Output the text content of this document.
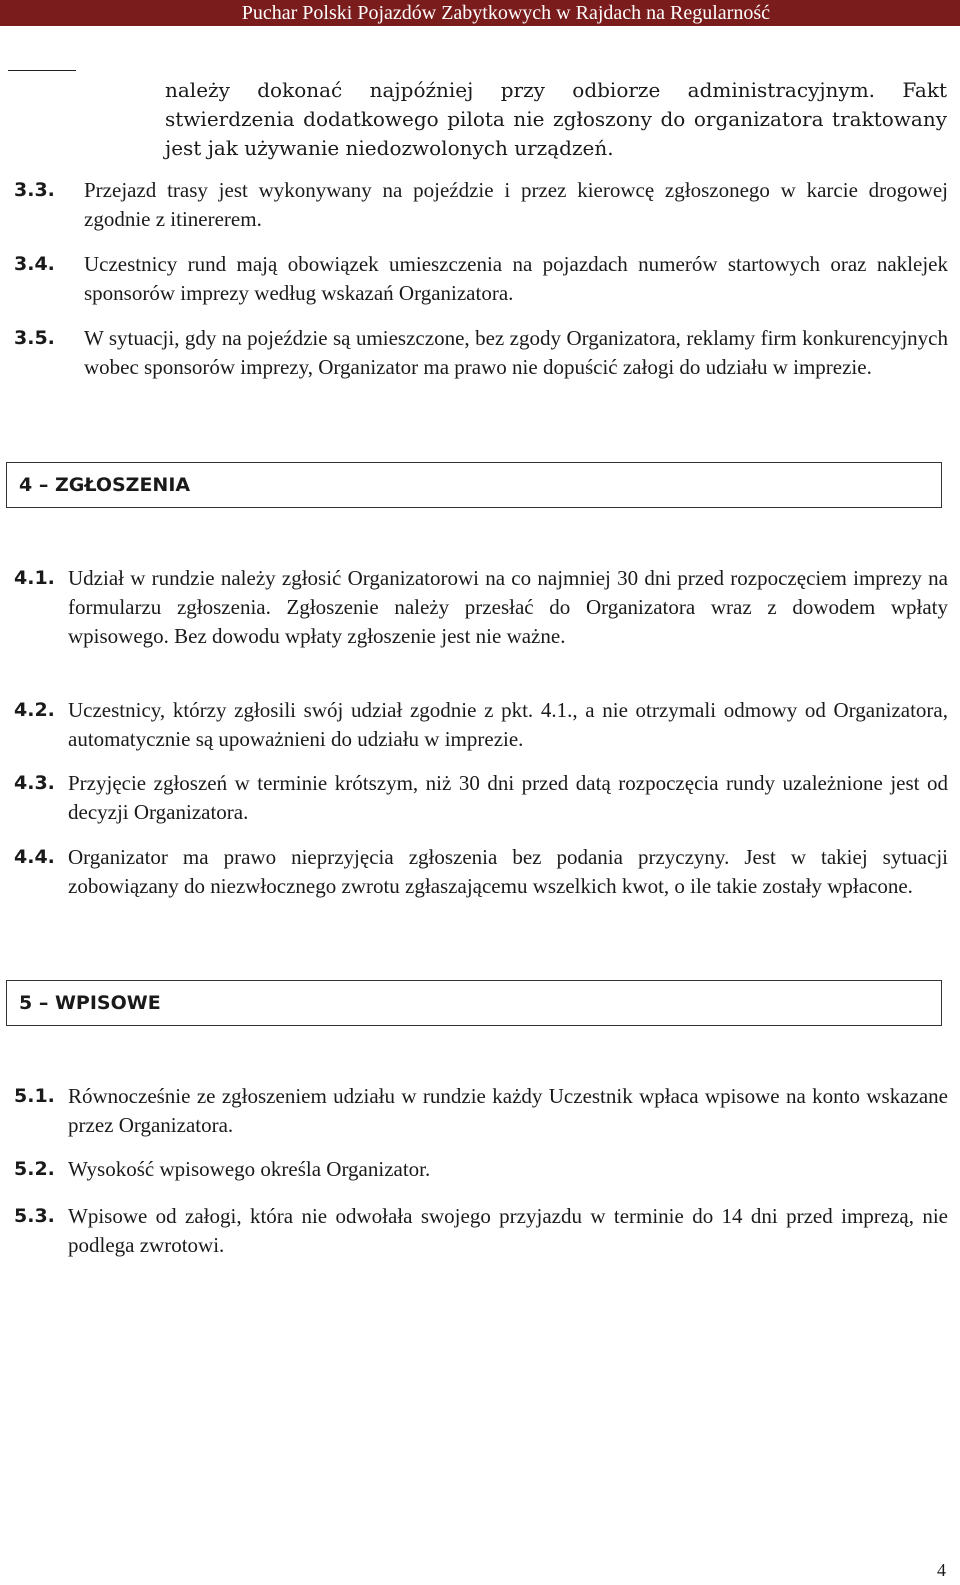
Puchar Polski Pojazdów Zabytkowych w Rajdach na Regularność

należy dokonać najpóźniej przy odbiorze administracyjnym. Fakt stwierdzenia dodatkowego pilota nie zgłoszony do organizatora traktowany jest jak używanie niedozwolonych urządzeń.

3.3. Przejazd trasy jest wykonywany na pojeździe i przez kierowcę zgłoszonego w karcie drogowej zgodnie z itinererem.

3.4. Uczestnicy rund mają obowiązek umieszczenia na pojazdach numerów startowych oraz naklejek sponsorów imprezy według wskazań Organizatora.

3.5. W sytuacji, gdy na pojeździe są umieszczone, bez zgody Organizatora, reklamy firm konkurencyjnych wobec sponsorów imprezy, Organizator ma prawo nie dopuścić załogi do udziału w imprezie.

4 – ZGŁOSZENIA
4.1. Udział w rundzie należy zgłosić Organizatorowi na co najmniej 30 dni przed rozpoczęciem imprezy na formularzu zgłoszenia. Zgłoszenie należy przesłać do Organizatora wraz z dowodem wpłaty wpisowego. Bez dowodu wpłaty zgłoszenie jest nie ważne.

4.2. Uczestnicy, którzy zgłosili swój udział zgodnie z pkt. 4.1., a nie otrzymali odmowy od Organizatora, automatycznie są upoważnieni do udziału w imprezie.

4.3. Przyjęcie zgłoszeń w terminie krótszym, niż 30 dni przed datą rozpoczęcia rundy uzależnione jest od decyzji Organizatora.

4.4. Organizator ma prawo nieprzyjęcia zgłoszenia bez podania przyczyny. Jest w takiej sytuacji zobowiązany do niezwłocznego zwrotu zgłaszającemu wszelkich kwot, o ile takie zostały wpłacone.

5 – WPISOWE
5.1. Równocześnie ze zgłoszeniem udziału w rundzie każdy Uczestnik wpłaca wpisowe na konto wskazane przez Organizatora.

5.2. Wysokość wpisowego określa Organizator.

5.3. Wpisowe od załogi, która nie odwołała swojego przyjazdu w terminie do 14 dni przed imprezą, nie podlega zwrotowi.

4
